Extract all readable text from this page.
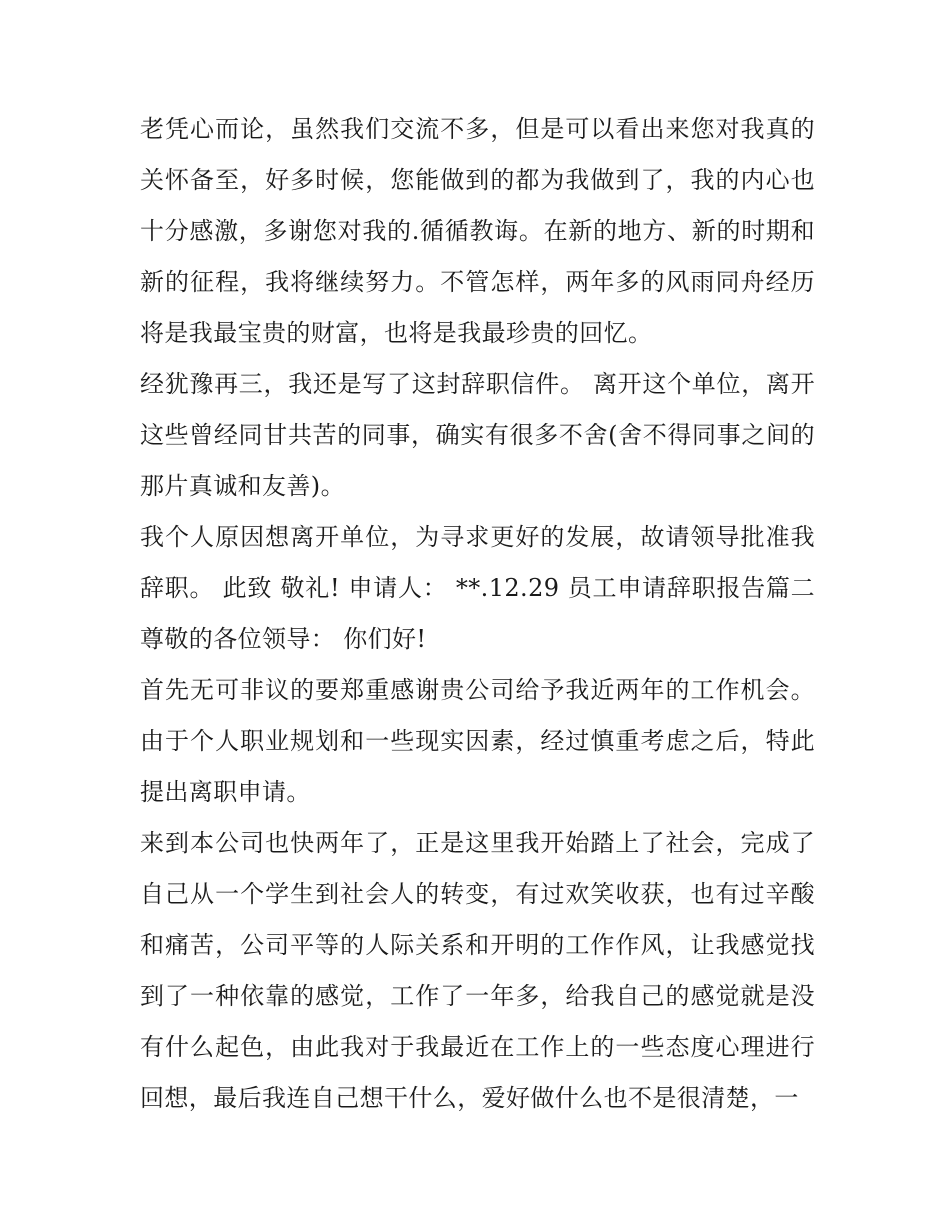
老凭心而论，虽然我们交流不多，但是可以看出来您对我真的关怀备至，好多时候，您能做到的都为我做到了，我的内心也十分感激，多谢您对我的.循循教诲。在新的地方、新的时期和新的征程，我将继续努力。不管怎样，两年多的风雨同舟经历将是我最宝贵的财富，也将是我最珍贵的回忆。

经犹豫再三，我还是写了这封辞职信件。 离开这个单位，离开这些曾经同甘共苦的同事，确实有很多不舍(舍不得同事之间的那片真诚和友善)。

我个人原因想离开单位，为寻求更好的发展，故请领导批准我辞职。 此致 敬礼! 申请人： **.12.29 员工申请辞职报告篇二 尊敬的各位领导： 你们好!

首先无可非议的要郑重感谢贵公司给予我近两年的工作机会。由于个人职业规划和一些现实因素，经过慎重考虑之后，特此提出离职申请。

来到本公司也快两年了，正是这里我开始踏上了社会，完成了自己从一个学生到社会人的转变，有过欢笑收获，也有过辛酸和痛苦，公司平等的人际关系和开明的工作作风，让我感觉找到了一种依靠的感觉，工作了一年多，给我自己的感觉就是没有什么起色，由此我对于我最近在工作上的一些态度心理进行回想，最后我连自己想干什么，爱好做什么也不是很清楚，一
